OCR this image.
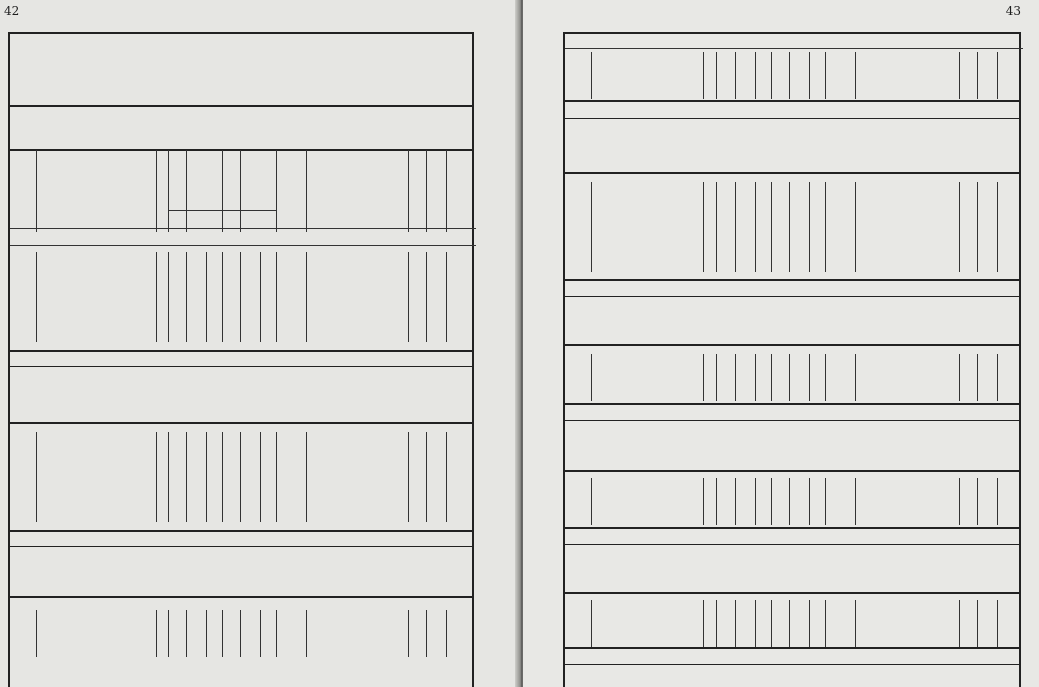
42	43
